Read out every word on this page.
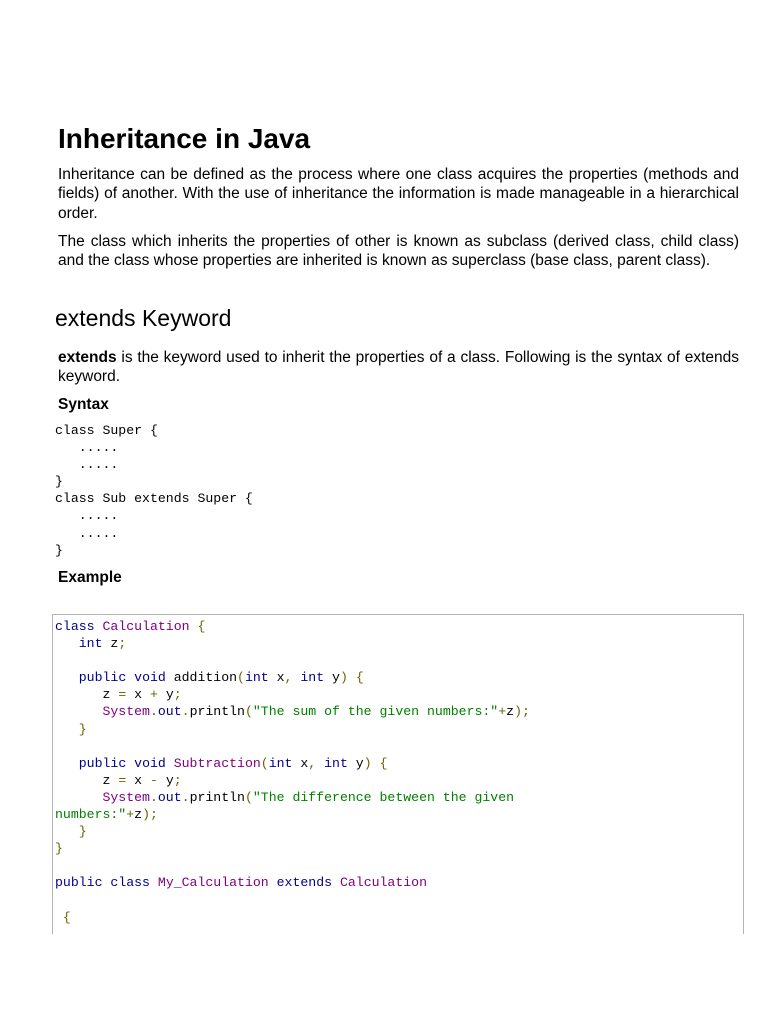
Inheritance in Java

Inheritance can be defined as the process where one class acquires the properties (methods and fields) of another. With the use of inheritance the information is made manageable in a hierarchical order.

The class which inherits the properties of other is known as subclass (derived class, child class) and the class whose properties are inherited is known as superclass (base class, parent class).

extends Keyword

extends is the keyword used to inherit the properties of a class. Following is the syntax of extends keyword.

Syntax

class Super {
.....
.....
}
class Sub extends Super {
.....
.....
}

Example

class Calculation {
int z;
public void addition(int x, int y) {
z = x + y;
System.out.println("The sum of the given numbers:"+z);
}
public void Subtraction(int x, int y) {
z = x - y;
System.out.println("The difference between the given
numbers:"+z);
}
}
public class My_Calculation extends Calculation
{
